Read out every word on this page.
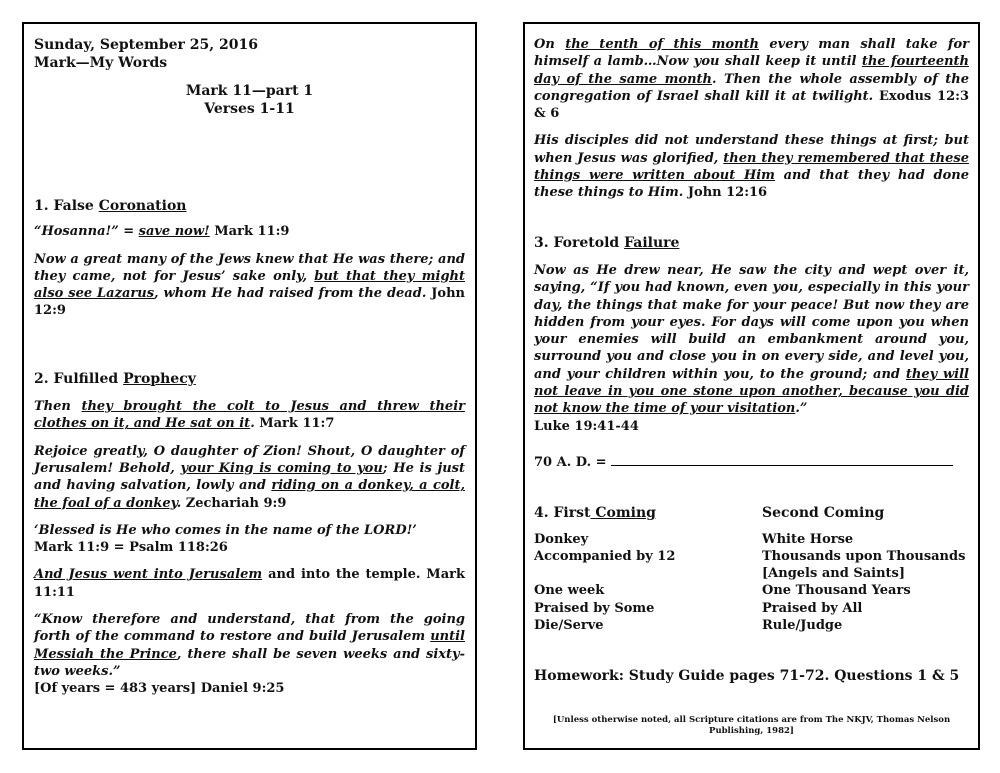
Sunday, September 25, 2016

Mark—My Words

Mark 11—part 1

Verses 1-11

1. False Coronation

“Hosanna!” = save now! Mark 11:9

Now a great many of the Jews knew that He was there; and they came, not for Jesus’ sake only, but that they might also see Lazarus, whom He had raised from the dead. John 12:9

2. Fulfilled Prophecy

Then they brought the colt to Jesus and threw their clothes on it, and He sat on it. Mark 11:7

Rejoice greatly, O daughter of Zion! Shout, O daughter of Jerusalem! Behold, your King is coming to you; He is just and having salvation, lowly and riding on a donkey, a colt, the foal of a donkey. Zechariah 9:9

‘Blessed is He who comes in the name of the LORD!’

Mark 11:9 = Psalm 118:26

And Jesus went into Jerusalem and into the temple. Mark 11:11

“Know therefore and understand, that from the going forth of the command to restore and build Jerusalem until Messiah the Prince, there shall be seven weeks and sixty-two weeks.”

[Of years = 483 years] Daniel 9:25

On the tenth of this month every man shall take for himself a lamb…Now you shall keep it until the fourteenth day of the same month. Then the whole assembly of the congregation of Israel shall kill it at twilight. Exodus 12:3 & 6

His disciples did not understand these things at first; but when Jesus was glorified, then they remembered that these things were written about Him and that they had done these things to Him. John 12:16

3. Foretold Failure

Now as He drew near, He saw the city and wept over it, saying, “If you had known, even you, especially in this your day, the things that make for your peace! But now they are hidden from your eyes. For days will come upon you when your enemies will build an embankment around you, surround you and close you in on every side, and level you, and your children within you, to the ground; and they will not leave in you one stone upon another, because you did not know the time of your visitation.”

Luke 19:41-44

70 A. D. =

4. First Coming	Second Coming

Donkey

Accompanied by 12

One week

Praised by Some

Die/Serve

White Horse

Thousands upon Thousands

[Angels and Saints]

One Thousand Years

Praised by All

Rule/Judge

Homework: Study Guide pages 71-72. Questions 1 & 5

[Unless otherwise noted, all Scripture citations are from The NKJV, Thomas Nelson Publishing, 1982]
